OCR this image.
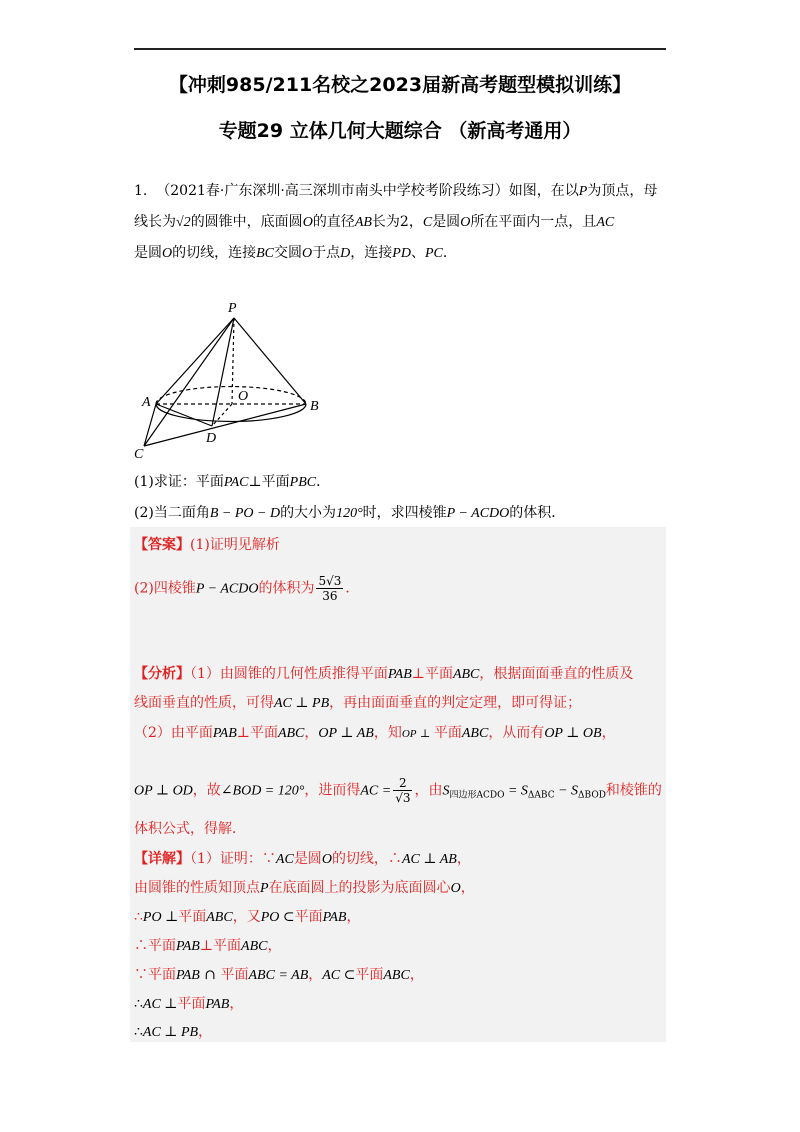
【冲刺985/211名校之2023届新高考题型模拟训练】
专题29 立体几何大题综合 （新高考通用）
1. （2021春·广东深圳·高三深圳市南头中学校考阶段练习）如图，在以P为顶点，母
线长为√2的圆锥中，底面圆O的直径AB长为2，C是圆O所在平面内一点，且AC
是圆O的切线，连接BC交圆O于点D，连接PD、PC．
P
A	O
B
D
C
(1)求证：平面PAC⊥平面PBC．
(2)当二面角B − PO − D的大小为120°时，求四棱锥P − ACDO的体积．
【答案】(1)证明见解析
(2)四棱锥P − ACDO的体积为 $\frac{5√3}{36}$ ．
【分析】（1）由圆锥的几何性质推得平面PAB⊥平面ABC，根据面面垂直的性质及
线面垂直的性质，可得AC ⊥ PB，再由面面垂直的判定定理，即可得证；
（2）由平面PAB⊥平面ABC，OP ⊥ AB，知OP ⊥ 平面ABC，从而有OP ⊥ OB，
OP ⊥ OD，故∠BOD = 120°，进而得AC = $\frac{2}{√3}$ ，由$S_{四边形ACDO} = S_{\Delta ABC} - S_{\Delta BOD}$和棱锥的
体积公式，得解．
【详解】（1）证明：∵AC是圆O的切线，∴AC ⊥ AB，
由圆锥的性质知顶点P在底面圆上的投影为底面圆心O，
∴PO ⊥平面ABC，又PO ⊂平面PAB，
∴平面PAB⊥平面ABC，
∵平面PAB ∩ 平面ABC = AB，AC ⊂平面ABC，
∴AC ⊥平面PAB，
∴AC ⊥ PB，
